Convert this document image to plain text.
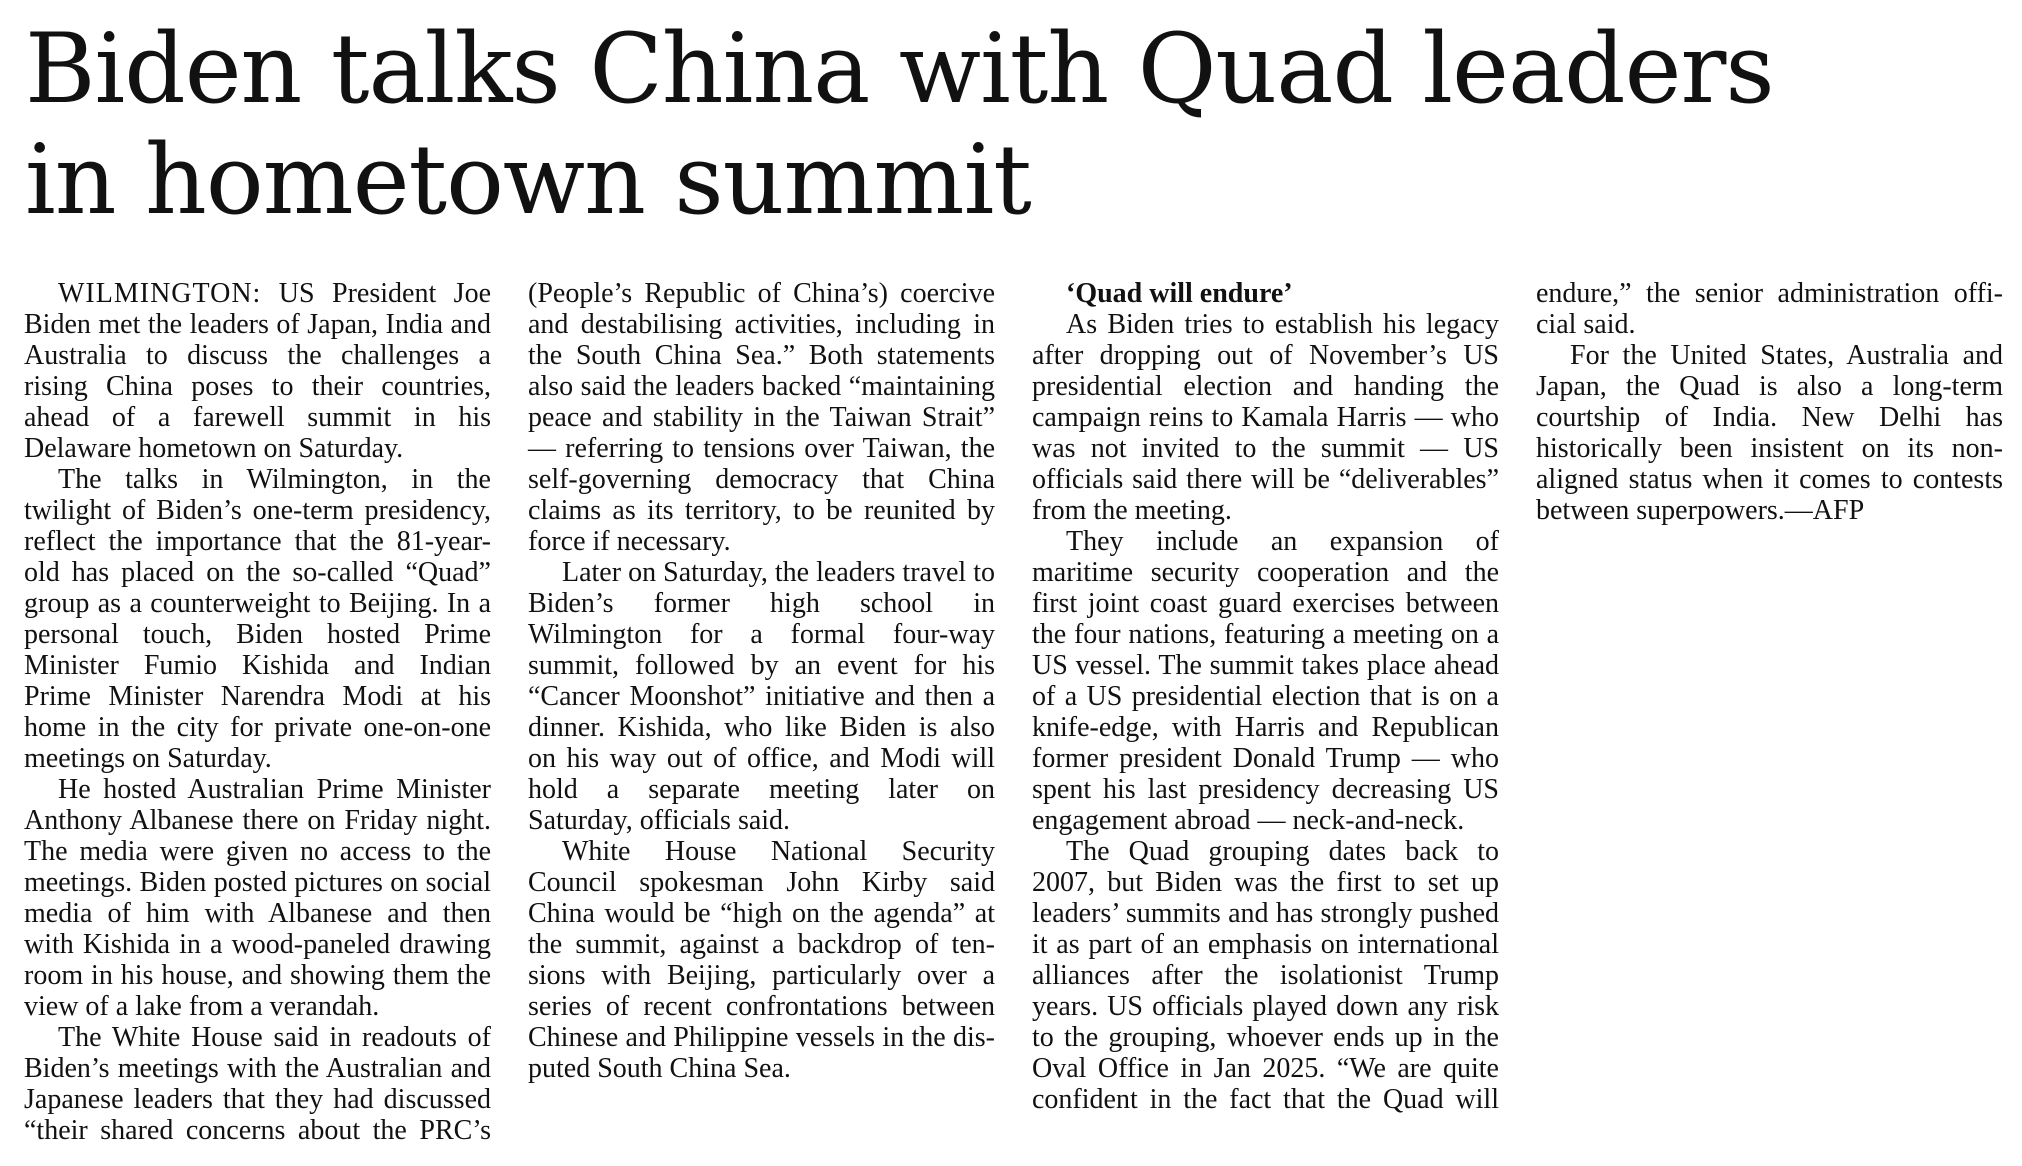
Biden talks China with Quad leaders
in hometown summit

WILMINGTON: US President Joe Biden met the leaders of Japan, India and Australia to discuss the challenges a rising China poses to their countries, ahead of a farewell summit in his Delaware hometown on Saturday.

The talks in Wilmington, in the twilight of Biden’s one-term presidency, reflect the importance that the 81-year-old has placed on the so-called “Quad” group as a counterweight to Beijing. In a personal touch, Biden hosted Prime Minister Fumio Kishida and Indian Prime Minister Narendra Modi at his home in the city for private one-on-one meetings on Saturday.

He hosted Australian Prime Minister Anthony Albanese there on Friday night. The media were given no access to the meetings. Biden posted pictures on social media of him with Albanese and then with Kishida in a wood-paneled drawing room in his house, and showing them the view of a lake from a verandah.

The White House said in readouts of Biden’s meetings with the Australian and Japanese leaders that they had discussed “their shared concerns about the PRC’s (People’s Republic of China’s) coercive and destabilising activities, including in the South China Sea.” Both statements also said the leaders backed “maintaining peace and stability in the Taiwan Strait” — referring to tensions over Taiwan, the self-governing democracy that China claims as its territory, to be reunited by force if necessary.

Later on Saturday, the leaders travel to Biden’s former high school in Wilmington for a formal four-way summit, followed by an event for his “Cancer Moonshot” initiative and then a dinner. Kishida, who like Biden is also on his way out of office, and Modi will hold a separate meeting later on Saturday, officials said.

White House National Security Council spokesman John Kirby said China would be “high on the agenda” at the summit, against a backdrop of tensions with Beijing, particularly over a series of recent confrontations between Chinese and Philippine vessels in the disputed South China Sea.

‘Quad will endure’

As Biden tries to establish his legacy after dropping out of November’s US presidential election and handing the campaign reins to Kamala Harris — who was not invited to the summit — US officials said there will be “deliverables” from the meeting.

They include an expansion of maritime security cooperation and the first joint coast guard exercises between the four nations, featuring a meeting on a US vessel. The summit takes place ahead of a US presidential election that is on a knife-edge, with Harris and Republican former president Donald Trump — who spent his last presidency decreasing US engagement abroad — neck-and-neck.

The Quad grouping dates back to 2007, but Biden was the first to set up leaders’ summits and has strongly pushed it as part of an emphasis on international alliances after the isolationist Trump years. US officials played down any risk to the grouping, whoever ends up in the Oval Office in Jan 2025. “We are quite confident in the fact that the Quad will endure,” the senior administration official said.

For the United States, Australia and Japan, the Quad is also a long-term courtship of India. New Delhi has historically been insistent on its non-aligned status when it comes to contests between superpowers.—AFP
